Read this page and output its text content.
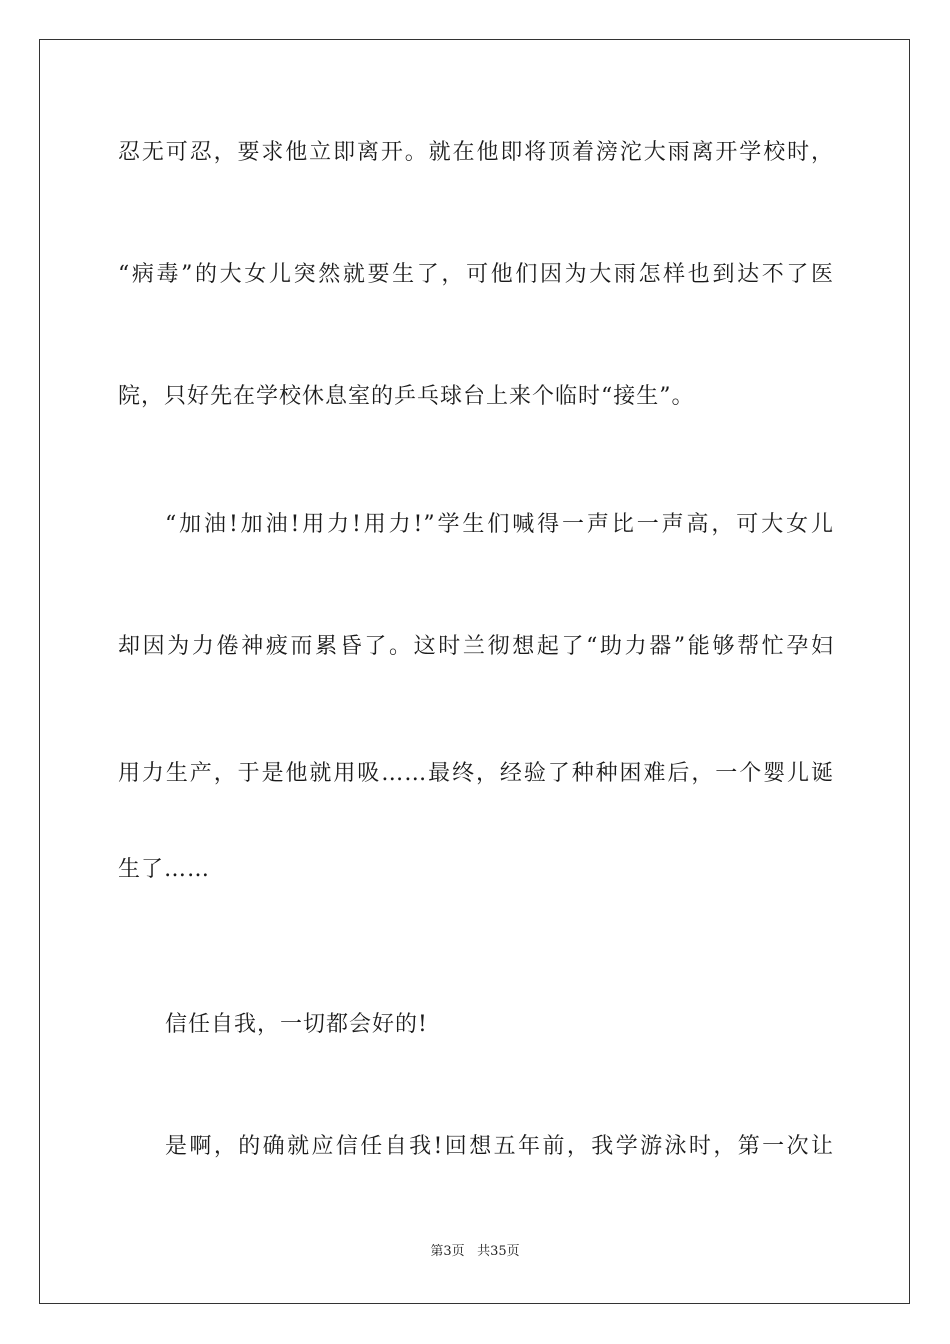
忍无可忍，要求他立即离开。就在他即将顶着滂沱大雨离开学校时，
“病毒”的大女儿突然就要生了，可他们因为大雨怎样也到达不了医
院，只好先在学校休息室的乒乓球台上来个临时“接生”。
“加油!加油!用力!用力!”学生们喊得一声比一声高，可大女儿
却因为力倦神疲而累昏了。这时兰彻想起了“助力器”能够帮忙孕妇
用力生产，于是他就用吸……最终，经验了种种困难后，一个婴儿诞
生了……
信任自我，一切都会好的!
是啊，的确就应信任自我!回想五年前，我学游泳时，第一次让
第3页 共35页
